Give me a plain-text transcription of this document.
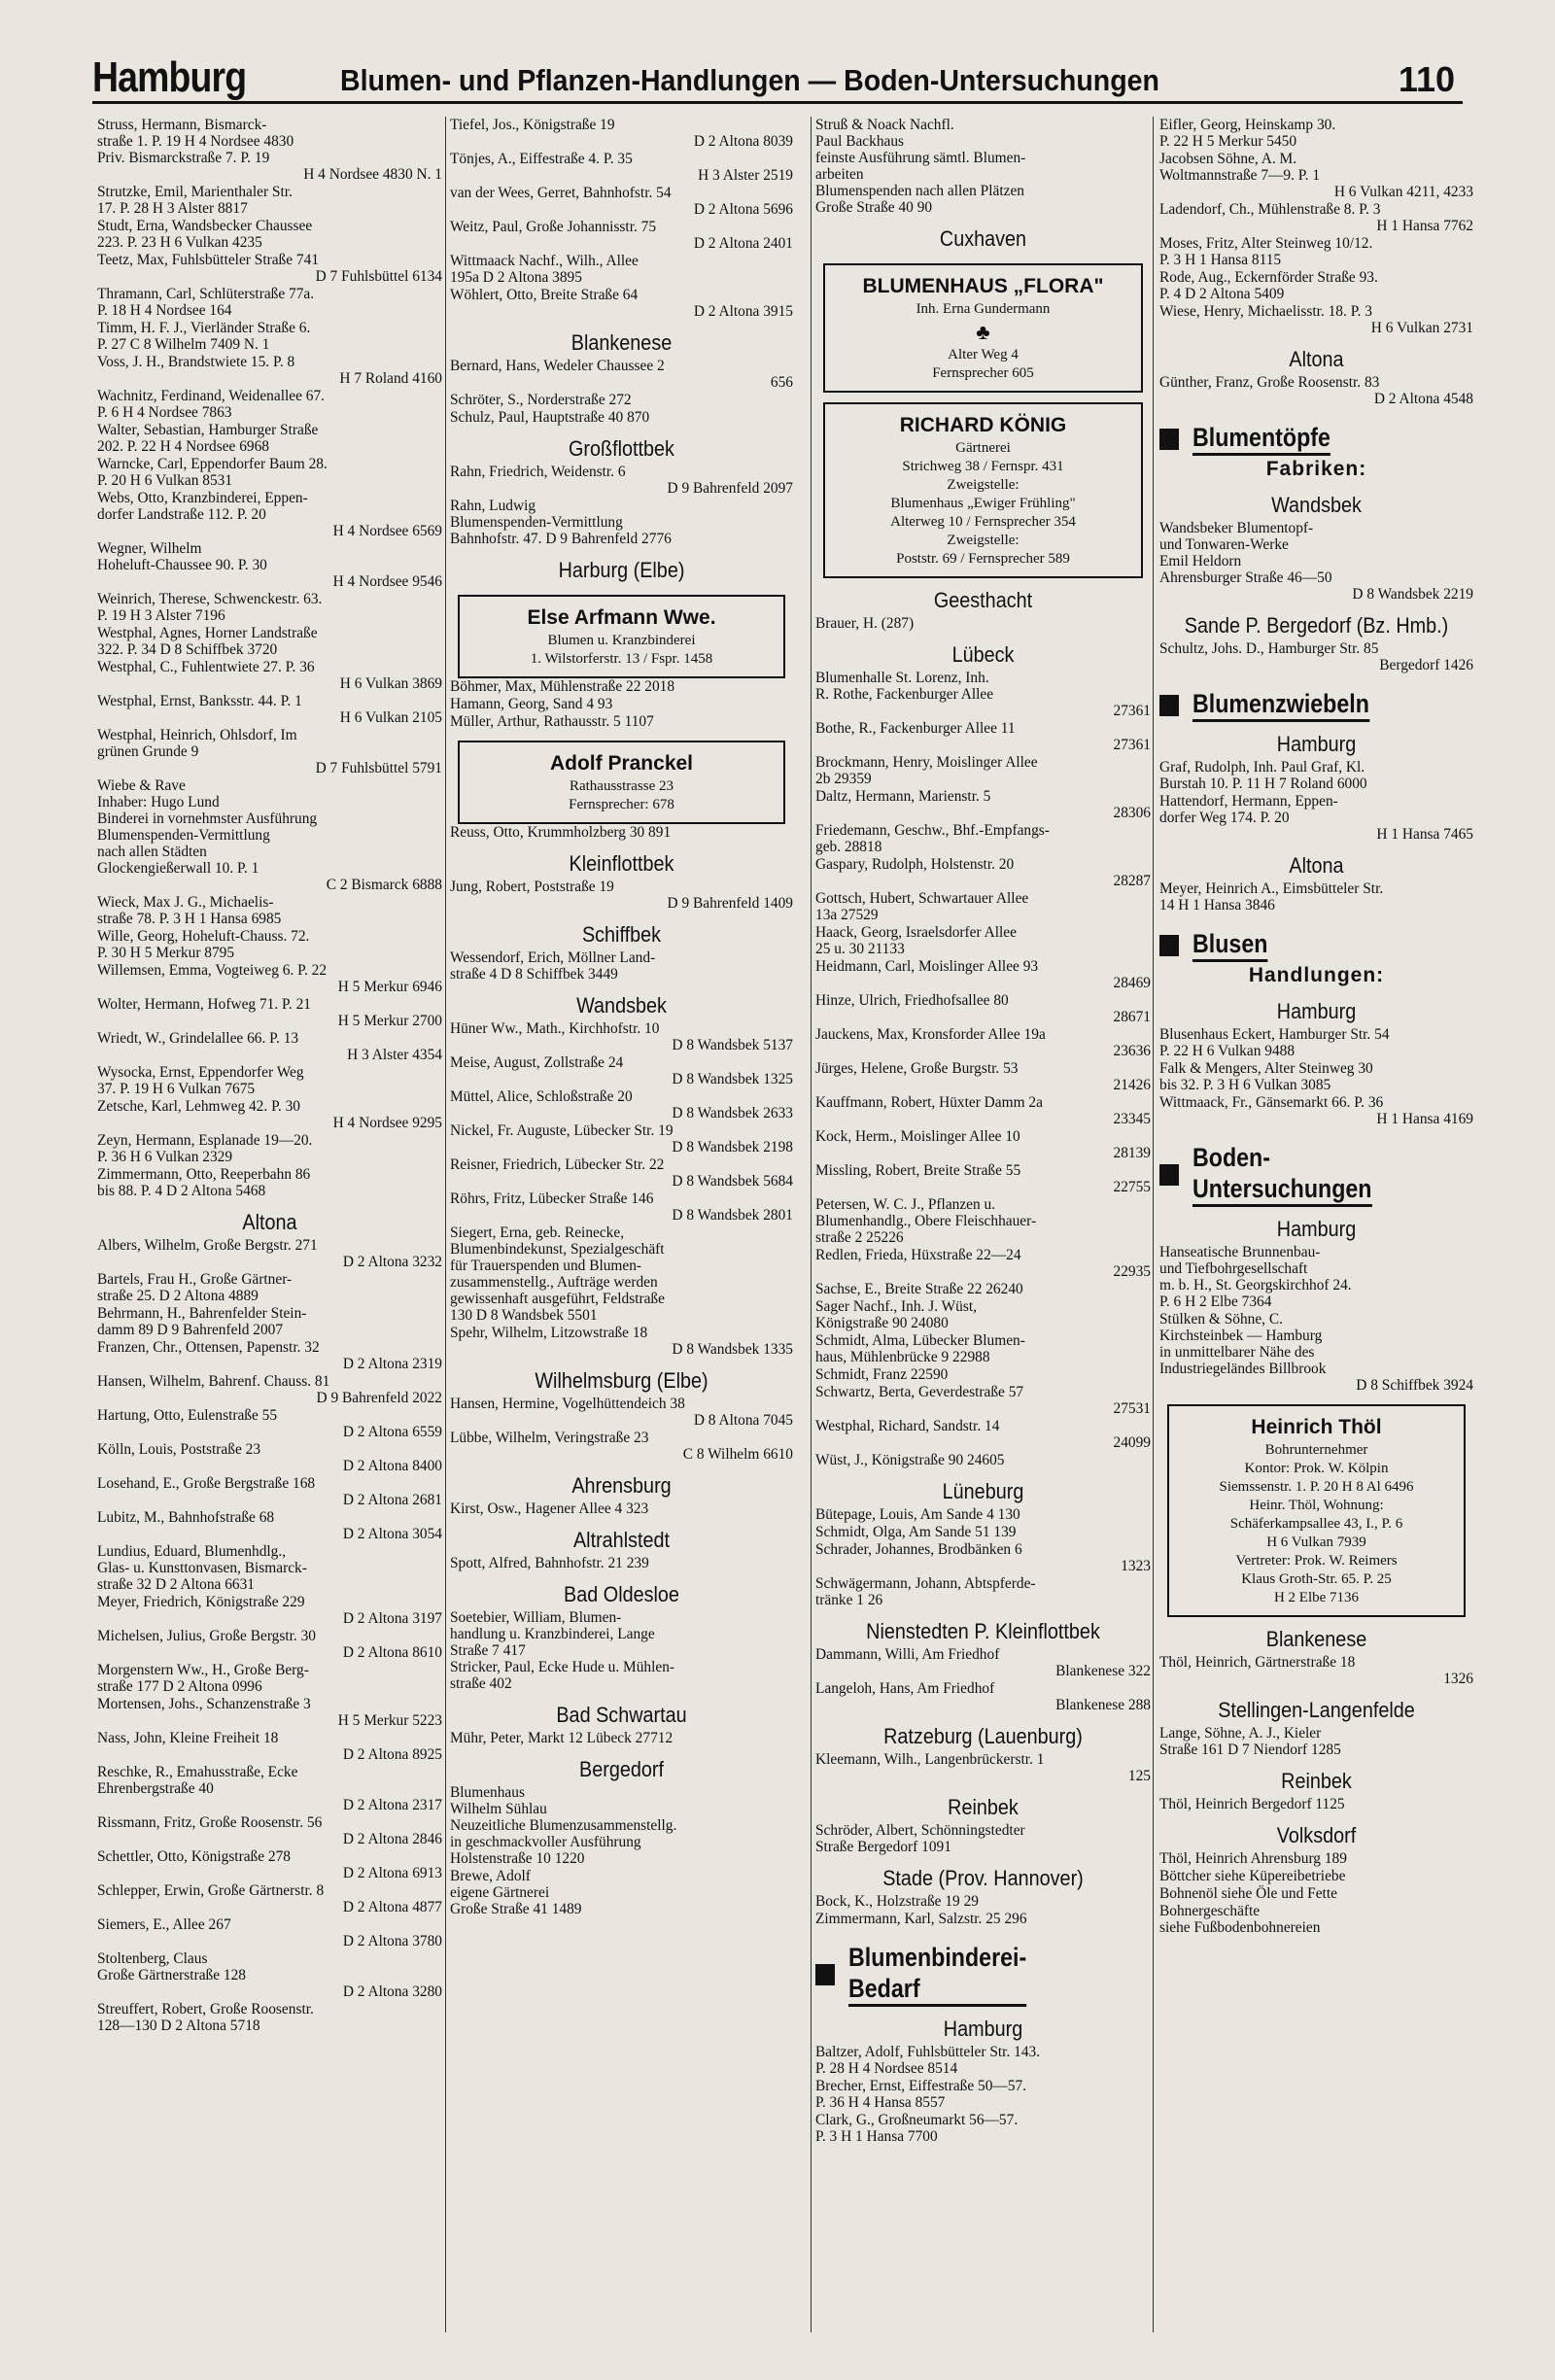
Hamburg	Blumen- und Pflanzen-Handlungen — Boden-Untersuchungen	110
Struss, Hermann, Bismarck-
straße 1. P. 19 H 4 Nordsee 4830
Priv. Bismarckstraße 7. P. 19
H 4 Nordsee 4830 N. 1
Strutzke, Emil, Marienthaler Str.
17. P. 28 H 3 Alster 8817
Studt, Erna, Wandsbecker Chaussee
223. P. 23 H 6 Vulkan 4235
Teetz, Max, Fuhlsbütteler Straße 741
D 7 Fuhlsbüttel 6134
Thramann, Carl, Schlüterstraße 77a.
P. 18 H 4 Nordsee 164
Timm, H. F. J., Vierländer Straße 6.
P. 27 C 8 Wilhelm 7409 N. 1
Voss, J. H., Brandstwiete 15. P. 8
H 7 Roland 4160
Wachnitz, Ferdinand, Weidenallee 67.
P. 6 H 4 Nordsee 7863
Walter, Sebastian, Hamburger Straße
202. P. 22 H 4 Nordsee 6968
Warncke, Carl, Eppendorfer Baum 28.
P. 20 H 6 Vulkan 8531
Webs, Otto, Kranzbinderei, Eppen-
dorfer Landstraße 112. P. 20
H 4 Nordsee 6569
Wegner, Wilhelm
Hoheluft-Chaussee 90. P. 30
H 4 Nordsee 9546
Weinrich, Therese, Schwenckestr. 63.
P. 19 H 3 Alster 7196
Westphal, Agnes, Horner Landstraße
322. P. 34 D 8 Schiffbek 3720
Westphal, C., Fuhlentwiete 27. P. 36
H 6 Vulkan 3869
Westphal, Ernst, Banksstr. 44. P. 1
H 6 Vulkan 2105
Westphal, Heinrich, Ohlsdorf, Im
grünen Grunde 9
D 7 Fuhlsbüttel 5791
Wiebe & Rave
Inhaber: Hugo Lund
Binderei in vornehmster Ausführung
Blumenspenden-Vermittlung
nach allen Städten
Glockengießerwall 10. P. 1
C 2 Bismarck 6888
Wieck, Max J. G., Michaelis-
straße 78. P. 3 H 1 Hansa 6985
Wille, Georg, Hoheluft-Chauss. 72.
P. 30 H 5 Merkur 8795
Willemsen, Emma, Vogteiweg 6. P. 22
H 5 Merkur 6946
Wolter, Hermann, Hofweg 71. P. 21
H 5 Merkur 2700
Wriedt, W., Grindelallee 66. P. 13
H 3 Alster 4354
Wysocka, Ernst, Eppendorfer Weg
37. P. 19 H 6 Vulkan 7675
Zetsche, Karl, Lehmweg 42. P. 30
H 4 Nordsee 9295
Zeyn, Hermann, Esplanade 19—20.
P. 36 H 6 Vulkan 2329
Zimmermann, Otto, Reeperbahn 86
bis 88. P. 4 D 2 Altona 5468
Altona
Albers, Wilhelm, Große Bergstr. 271
D 2 Altona 3232
Bartels, Frau H., Große Gärtner-
straße 25. D 2 Altona 4889
Behrmann, H., Bahrenfelder Stein-
damm 89 D 9 Bahrenfeld 2007
Franzen, Chr., Ottensen, Papenstr. 32
D 2 Altona 2319
Hansen, Wilhelm, Bahrenf. Chauss. 81
D 9 Bahrenfeld 2022
Hartung, Otto, Eulenstraße 55
D 2 Altona 6559
Kölln, Louis, Poststraße 23
D 2 Altona 8400
Losehand, E., Große Bergstraße 168
D 2 Altona 2681
Lubitz, M., Bahnhofstraße 68
D 2 Altona 3054
Lundius, Eduard, Blumenhdlg.,
Glas- u. Kunsttonvasen, Bismarck-
straße 32 D 2 Altona 6631
Meyer, Friedrich, Königstraße 229
D 2 Altona 3197
Michelsen, Julius, Große Bergstr. 30
D 2 Altona 8610
Morgenstern Ww., H., Große Berg-
straße 177 D 2 Altona 0996
Mortensen, Johs., Schanzenstraße 3
H 5 Merkur 5223
Nass, John, Kleine Freiheit 18
D 2 Altona 8925
Reschke, R., Emahusstraße, Ecke
Ehrenbergstraße 40
D 2 Altona 2317
Rissmann, Fritz, Große Roosenstr. 56
D 2 Altona 2846
Schettler, Otto, Königstraße 278
D 2 Altona 6913
Schlepper, Erwin, Große Gärtnerstr. 8
D 2 Altona 4877
Siemers, E., Allee 267
D 2 Altona 3780
Stoltenberg, Claus
Große Gärtnerstraße 128
D 2 Altona 3280
Streuffert, Robert, Große Roosenstr.
128—130 D 2 Altona 5718
Tiefel, Jos., Königstraße 19
D 2 Altona 8039
Tönjes, A., Eiffestraße 4. P. 35
H 3 Alster 2519
van der Wees, Gerret, Bahnhofstr. 54
D 2 Altona 5696
Weitz, Paul, Große Johannisstr. 75
D 2 Altona 2401
Wittmaack Nachf., Wilh., Allee
195a D 2 Altona 3895
Wöhlert, Otto, Breite Straße 64
D 2 Altona 3915
Blankenese
Bernard, Hans, Wedeler Chaussee 2
656
Schröter, S., Norderstraße 272
Schulz, Paul, Hauptstraße 40 870
Großflottbek
Rahn, Friedrich, Weidenstr. 6
D 9 Bahrenfeld 2097
Rahn, Ludwig
Blumenspenden-Vermittlung
Bahnhofstr. 47. D 9 Bahrenfeld 2776
Harburg (Elbe)
Else Arfmann Wwe.
Blumen u. Kranzbinderei
1. Wilstorferstr. 13 / Fspr. 1458
Böhmer, Max, Mühlenstraße 22 2018
Hamann, Georg, Sand 4 93
Müller, Arthur, Rathausstr. 5 1107
Adolf Pranckel
Rathausstrasse 23
Fernsprecher: 678
Reuss, Otto, Krummholzberg 30 891
Kleinflottbek
Jung, Robert, Poststraße 19
D 9 Bahrenfeld 1409
Schiffbek
Wessendorf, Erich, Möllner Land-
straße 4 D 8 Schiffbek 3449
Wandsbek
Hüner Ww., Math., Kirchhofstr. 10
D 8 Wandsbek 5137
Meise, August, Zollstraße 24
D 8 Wandsbek 1325
Müttel, Alice, Schloßstraße 20
D 8 Wandsbek 2633
Nickel, Fr. Auguste, Lübecker Str. 19
D 8 Wandsbek 2198
Reisner, Friedrich, Lübecker Str. 22
D 8 Wandsbek 5684
Röhrs, Fritz, Lübecker Straße 146
D 8 Wandsbek 2801
Siegert, Erna, geb. Reinecke,
Blumenbindekunst, Spezialgeschäft
für Trauerspenden und Blumen-
zusammenstellg., Aufträge werden
gewissenhaft ausgeführt, Feldstraße
130 D 8 Wandsbek 5501
Spehr, Wilhelm, Litzowstraße 18
D 8 Wandsbek 1335
Wilhelmsburg (Elbe)
Hansen, Hermine, Vogelhüttendeich 38
D 8 Altona 7045
Lübbe, Wilhelm, Veringstraße 23
C 8 Wilhelm 6610
Ahrensburg
Kirst, Osw., Hagener Allee 4 323
Altrahlstedt
Spott, Alfred, Bahnhofstr. 21 239
Bad Oldesloe
Soetebier, William, Blumen-
handlung u. Kranzbinderei, Lange
Straße 7 417
Stricker, Paul, Ecke Hude u. Mühlen-
straße 402
Bad Schwartau
Mühr, Peter, Markt 12 Lübeck 27712
Bergedorf
Blumenhaus
Wilhelm Sühlau
Neuzeitliche Blumenzusammenstellg.
in geschmackvoller Ausführung
Holstenstraße 10 1220
Brewe, Adolf
eigene Gärtnerei
Große Straße 41 1489
Struß & Noack Nachfl.
Paul Backhaus
feinste Ausführung sämtl. Blumen-
arbeiten
Blumenspenden nach allen Plätzen
Große Straße 40 90
Cuxhaven
BLUMENHAUS „FLORA"
Inh. Erna Gundermann
♣
Alter Weg 4
Fernsprecher 605
RICHARD KÖNIG
Gärtnerei
Strichweg 38 / Fernspr. 431
Zweigstelle:
Blumenhaus „Ewiger Frühling"
Alterweg 10 / Fernsprecher 354
Zweigstelle:
Poststr. 69 / Fernsprecher 589
Geesthacht
Brauer, H. (287)
Lübeck
Blumenhalle St. Lorenz, Inh.
R. Rothe, Fackenburger Allee
27361
Bothe, R., Fackenburger Allee 11
27361
Brockmann, Henry, Moislinger Allee
2b 29359
Daltz, Hermann, Marienstr. 5
28306
Friedemann, Geschw., Bhf.-Empfangs-
geb. 28818
Gaspary, Rudolph, Holstenstr. 20
28287
Gottsch, Hubert, Schwartauer Allee
13a 27529
Haack, Georg, Israelsdorfer Allee
25 u. 30 21133
Heidmann, Carl, Moislinger Allee 93
28469
Hinze, Ulrich, Friedhofsallee 80
28671
Jauckens, Max, Kronsforder Allee 19a
23636
Jürges, Helene, Große Burgstr. 53
21426
Kauffmann, Robert, Hüxter Damm 2a
23345
Kock, Herm., Moislinger Allee 10
28139
Missling, Robert, Breite Straße 55
22755
Petersen, W. C. J., Pflanzen u.
Blumenhandlg., Obere Fleischhauer-
straße 2 25226
Redlen, Frieda, Hüxstraße 22—24
22935
Sachse, E., Breite Straße 22 26240
Sager Nachf., Inh. J. Wüst,
Königstraße 90 24080
Schmidt, Alma, Lübecker Blumen-
haus, Mühlenbrücke 9 22988
Schmidt, Franz 22590
Schwartz, Berta, Geverdestraße 57
27531
Westphal, Richard, Sandstr. 14
24099
Wüst, J., Königstraße 90 24605
Lüneburg
Bütepage, Louis, Am Sande 4 130
Schmidt, Olga, Am Sande 51 139
Schrader, Johannes, Brodbänken 6
1323
Schwägermann, Johann, Abtspferde-
tränke 1 26
Nienstedten P. Kleinflottbek
Dammann, Willi, Am Friedhof
Blankenese 322
Langeloh, Hans, Am Friedhof
Blankenese 288
Ratzeburg (Lauenburg)
Kleemann, Wilh., Langenbrückerstr. 1
125
Reinbek
Schröder, Albert, Schönningstedter
Straße Bergedorf 1091
Stade (Prov. Hannover)
Bock, K., Holzstraße 19 29
Zimmermann, Karl, Salzstr. 25 296
Blumenbinderei-
Bedarf
Hamburg
Baltzer, Adolf, Fuhlsbütteler Str. 143.
P. 28 H 4 Nordsee 8514
Brecher, Ernst, Eiffestraße 50—57.
P. 36 H 4 Hansa 8557
Clark, G., Großneumarkt 56—57.
P. 3 H 1 Hansa 7700
Eifler, Georg, Heinskamp 30.
P. 22 H 5 Merkur 5450
Jacobsen Söhne, A. M.
Woltmannstraße 7—9. P. 1
H 6 Vulkan 4211, 4233
Ladendorf, Ch., Mühlenstraße 8. P. 3
H 1 Hansa 7762
Moses, Fritz, Alter Steinweg 10/12.
P. 3 H 1 Hansa 8115
Rode, Aug., Eckernförder Straße 93.
P. 4 D 2 Altona 5409
Wiese, Henry, Michaelisstr. 18. P. 3
H 6 Vulkan 2731
Altona
Günther, Franz, Große Roosenstr. 83
D 2 Altona 4548
Blumentöpfe
Fabriken:
Wandsbek
Wandsbeker Blumentopf-
und Tonwaren-Werke
Emil Heldorn
Ahrensburger Straße 46—50
D 8 Wandsbek 2219
Sande P. Bergedorf (Bz. Hmb.)
Schultz, Johs. D., Hamburger Str. 85
Bergedorf 1426
Blumenzwiebeln
Hamburg
Graf, Rudolph, Inh. Paul Graf, Kl.
Burstah 10. P. 11 H 7 Roland 6000
Hattendorf, Hermann, Eppen-
dorfer Weg 174. P. 20
H 1 Hansa 7465
Altona
Meyer, Heinrich A., Eimsbütteler Str.
14 H 1 Hansa 3846
Blusen
Handlungen:
Hamburg
Blusenhaus Eckert, Hamburger Str. 54
P. 22 H 6 Vulkan 9488
Falk & Mengers, Alter Steinweg 30
bis 32. P. 3 H 6 Vulkan 3085
Wittmaack, Fr., Gänsemarkt 66. P. 36
H 1 Hansa 4169
Boden-
Untersuchungen
Hamburg
Hanseatische Brunnenbau-
und Tiefbohrgesellschaft
m. b. H., St. Georgskirchhof 24.
P. 6 H 2 Elbe 7364
Stülken & Söhne, C.
Kirchsteinbek — Hamburg
in unmittelbarer Nähe des
Industriegeländes Billbrook
D 8 Schiffbek 3924
Heinrich Thöl
Bohrunternehmer
Kontor: Prok. W. Kölpin
Siemssenstr. 1. P. 20 H 8 Al 6496
Heinr. Thöl, Wohnung:
Schäferkampsallee 43, I., P. 6
H 6 Vulkan 7939
Vertreter: Prok. W. Reimers
Klaus Groth-Str. 65. P. 25
H 2 Elbe 7136
Blankenese
Thöl, Heinrich, Gärtnerstraße 18
1326
Stellingen-Langenfelde
Lange, Söhne, A. J., Kieler
Straße 161 D 7 Niendorf 1285
Reinbek
Thöl, Heinrich Bergedorf 1125
Volksdorf
Thöl, Heinrich Ahrensburg 189
Böttcher siehe Küpereibetriebe
Bohnenöl siehe Öle und Fette
Bohnergeschäfte
siehe Fußbodenbohnereien
